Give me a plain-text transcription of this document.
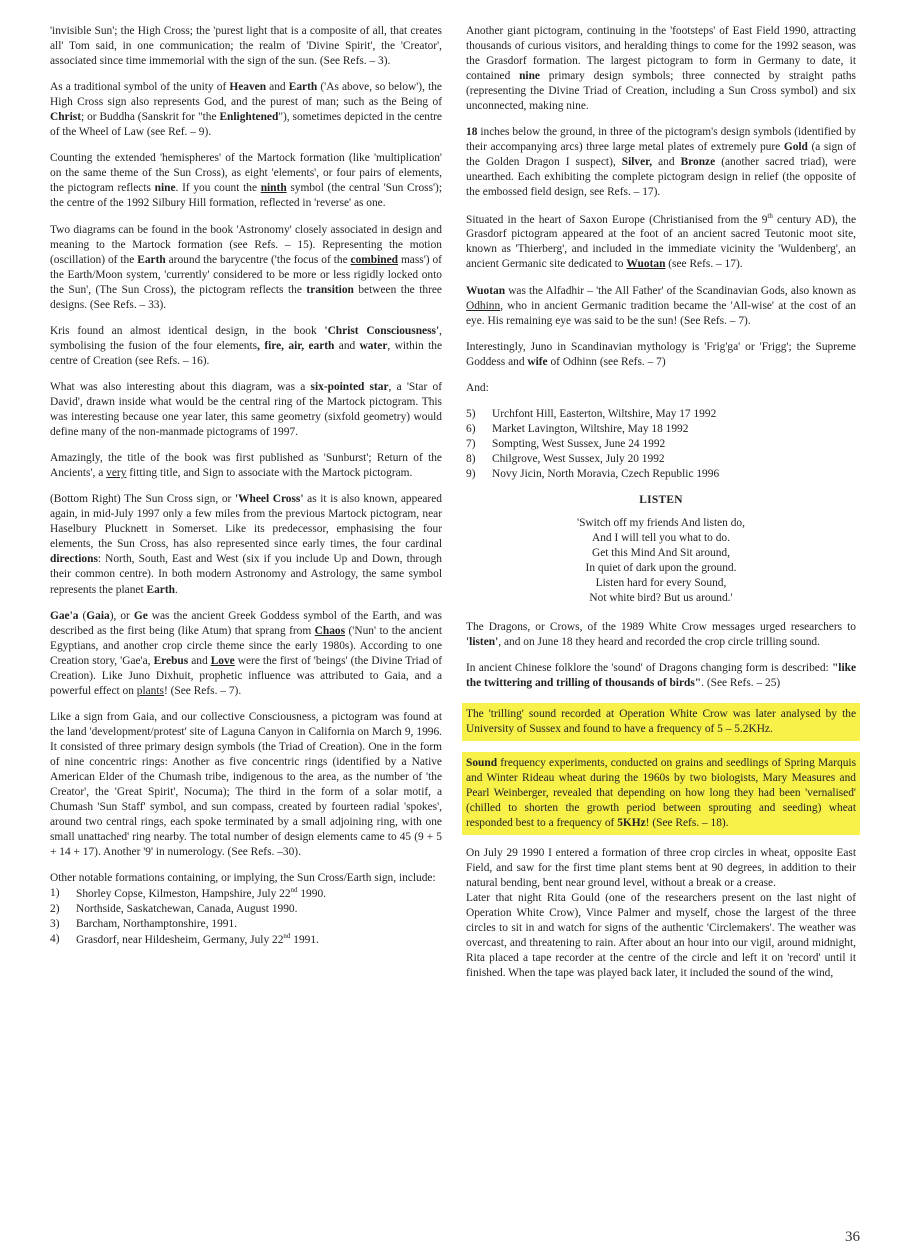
'invisible Sun'; the High Cross; the 'purest light that is a composite of all, that creates all' Tom said, in one communication; the realm of 'Divine Spirit', the 'Creator', associated since time immemorial with the sign of the sun. (See Refs. – 3).

As a traditional symbol of the unity of Heaven and Earth ('As above, so below'), the High Cross sign also represents God, and the purest of man; such as the Being of Christ; or Buddha (Sanskrit for "the Enlightened"), sometimes depicted in the centre of the Wheel of Law (see Ref. – 9).

Counting the extended 'hemispheres' of the Martock formation (like 'multiplication' on the same theme of the Sun Cross), as eight 'elements', or four pairs of elements, the pictogram reflects nine. If you count the ninth symbol (the central 'Sun Cross'); the centre of the 1992 Silbury Hill formation, reflected in 'reverse' as one.

Two diagrams can be found in the book 'Astronomy' closely associated in design and meaning to the Martock formation (see Refs. – 15). Representing the motion (oscillation) of the Earth around the barycentre ('the focus of the combined mass') of the Earth/Moon system, 'currently' considered to be more or less rigidly locked onto the Sun', (The Sun Cross), the pictogram reflects the transition between the three designs. (See Refs. – 33).

Kris found an almost identical design, in the book 'Christ Consciousness', symbolising the fusion of the four elements, fire, air, earth and water, within the centre of Creation (see Refs. – 16).

What was also interesting about this diagram, was a six-pointed star, a 'Star of David', drawn inside what would be the central ring of the Martock pictogram. This was interesting because one year later, this same geometry (sixfold geometry) would define many of the non-manmade pictograms of 1997.

Amazingly, the title of the book was first published as 'Sunburst'; Return of the Ancients', a very fitting title, and Sign to associate with the Martock pictogram.

(Bottom Right) The Sun Cross sign, or 'Wheel Cross' as it is also known, appeared again, in mid-July 1997 only a few miles from the previous Martock pictogram, near Haselbury Plucknett in Somerset. Like its predecessor, emphasising the four elements, the Sun Cross, has also represented since early times, the four cardinal directions: North, South, East and West (six if you include Up and Down, through their common centre). In both modern Astronomy and Astrology, the same symbol represents the planet Earth.

Gae'a (Gaia), or Ge was the ancient Greek Goddess symbol of the Earth, and was described as the first being (like Atum) that sprang from Chaos ('Nun' to the ancient Egyptians, and another crop circle theme since the early 1980s). According to one Creation story, 'Gae'a, Erebus and Love were the first of 'beings' (the Divine Triad of Creation). Like Juno Dixhuit, prophetic influence was attributed to Gaia, and a powerful effect on plants! (See Refs. – 7).

Like a sign from Gaia, and our collective Consciousness, a pictogram was found at the land 'development/protest' site of Laguna Canyon in California on March 9, 1996. It consisted of three primary design symbols (the Triad of Creation). One in the form of nine concentric rings: Another as five concentric rings (identified by a Native American Elder of the Chumash tribe, indigenous to the area, as the number of 'the Creator', the 'Great Spirit', Nocuma); The third in the form of a solar motif, a Chumash 'Sun Staff' symbol, and sun compass, created by fourteen radial 'spokes', around two central rings, each spoke terminated by a small adjoining ring, with one small unattached' ring nearby. The total number of design elements came to 45 (9 + 5 + 14 + 17). Another '9' in numerology. (See Refs. –30).

Other notable formations containing, or implying, the Sun Cross/Earth sign, include:

1)	Shorley Copse, Kilmeston, Hampshire, July 22nd 1990.
2)	Northside, Saskatchewan, Canada, August 1990.
3)	Barcham, Northamptonshire, 1991.
4)	Grasdorf, near Hildesheim, Germany, July 22nd 1991.

Another giant pictogram, continuing in the 'footsteps' of East Field 1990, attracting thousands of curious visitors, and heralding things to come for the 1992 season, was the Grasdorf formation. The largest pictogram to form in Germany to date, it contained nine primary design symbols; three connected by straight paths (representing the Divine Triad of Creation, including a Sun Cross symbol) and six unconnected, making nine.

18 inches below the ground, in three of the pictogram's design symbols (identified by their accompanying arcs) three large metal plates of extremely pure Gold (a sign of the Golden Dragon I suspect), Silver, and Bronze (another sacred triad), were unearthed. Each exhibiting the complete pictogram design in relief (the opposite of the embossed field design, see Refs. – 17).

Situated in the heart of Saxon Europe (Christianised from the 9th century AD), the Grasdorf pictogram appeared at the foot of an ancient sacred Teutonic moot site, known as 'Thierberg', and included in the immediate vicinity the 'Wuldenberg', an ancient Germanic site dedicated to Wuotan (see Refs. – 17).

Wuotan was the Alfadhir – 'the All Father' of the Scandinavian Gods, also known as Odhinn, who in ancient Germanic tradition became the 'All-wise' at the cost of an eye. His remaining eye was said to be the sun! (See Refs. – 7).

Interestingly, Juno in Scandinavian mythology is 'Frig'ga' or 'Frigg'; the Supreme Goddess and wife of Odhinn (see Refs. – 7)

And:

5)	Urchfont Hill, Easterton, Wiltshire, May 17 1992
6)	Market Lavington, Wiltshire, May 18 1992
7)	Sompting, West Sussex, June 24 1992
8)	Chilgrove, West Sussex, July 20 1992
9)	Novy Jicin, North Moravia, Czech Republic 1996
LISTEN
'Switch off my friends And listen do,
And I will tell you what to do.
Get this Mind And Sit around,
In quiet of dark upon the ground.
Listen hard for every Sound,
Not white bird? But us around.'

The Dragons, or Crows, of the 1989 White Crow messages urged researchers to 'listen', and on June 18 they heard and recorded the crop circle trilling sound.

In ancient Chinese folklore the 'sound' of Dragons changing form is described: "like the twittering and trilling of thousands of birds". (See Refs. – 25)

The 'trilling' sound recorded at Operation White Crow was later analysed by the University of Sussex and found to have a frequency of 5 – 5.2KHz.

Sound frequency experiments, conducted on grains and seedlings of Spring Marquis and Winter Rideau wheat during the 1960s by two biologists, Mary Measures and Pearl Weinberger, revealed that depending on how long they had been 'vernalised' (chilled to shorten the growth period between sprouting and seeding) wheat responded best to a frequency of 5KHz! (See Refs. – 18).

On July 29 1990 I entered a formation of three crop circles in wheat, opposite East Field, and saw for the first time plant stems bent at 90 degrees, in addition to their natural bending, bent near ground level, without a break or a crease.

Later that night Rita Gould (one of the researchers present on the last night of Operation White Crow), Vince Palmer and myself, chose the largest of the three circles to sit in and watch for signs of the authentic 'Circlemakers'. The weather was overcast, and threatening to rain. After about an hour into our vigil, around midnight, Rita placed a tape recorder at the centre of the circle and left it on 'record' until it finished. When the tape was played back later, it included the sound of the wind,

36
